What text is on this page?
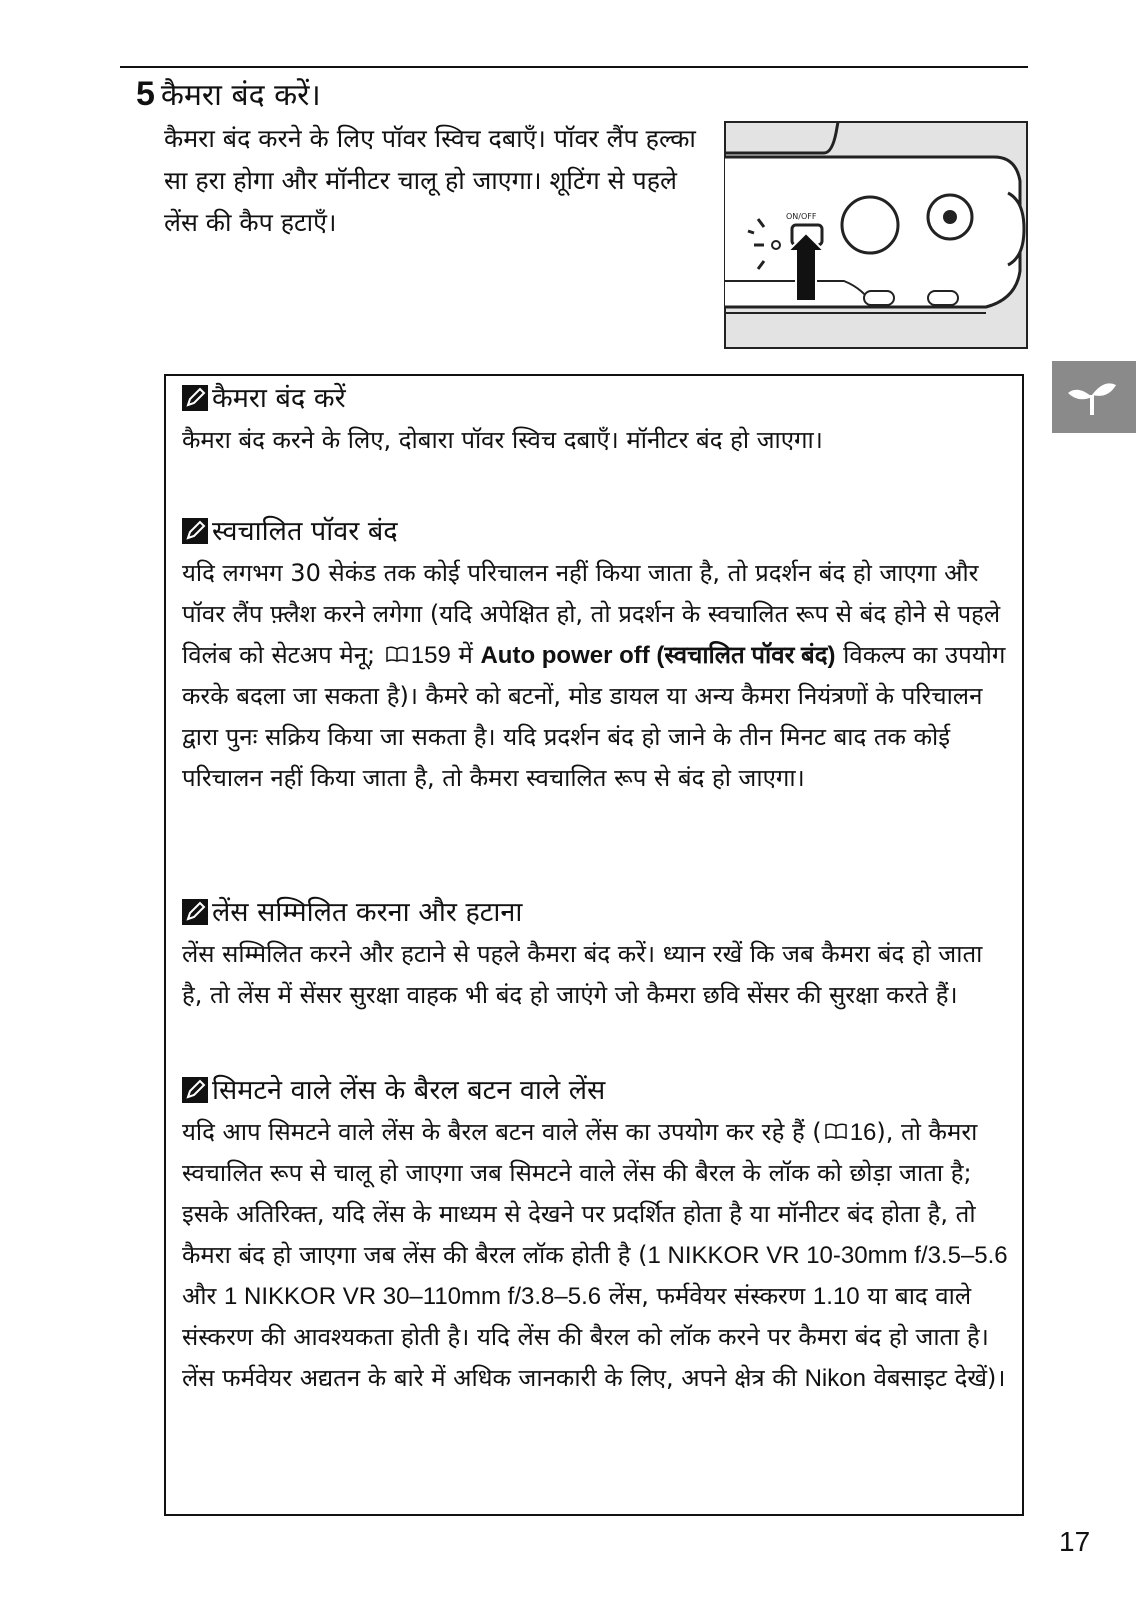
5 कैमरा बंद करें।

कैमरा बंद करने के लिए पॉवर स्विच दबाएँ। पॉवर लैंप हल्का सा हरा होगा और मॉनीटर चालू हो जाएगा। शूटिंग से पहले लेंस की कैप हटाएँ।	ON/OFF
कैमरा बंद करें

कैमरा बंद करने के लिए, दोबारा पॉवर स्विच दबाएँ। मॉनीटर बंद हो जाएगा।

स्वचालित पॉवर बंद

यदि लगभग 30 सेकंड तक कोई परिचालन नहीं किया जाता है, तो प्रदर्शन बंद हो जाएगा और पॉवर लैंप फ़्लैश करने लगेगा (यदि अपेक्षित हो, तो प्रदर्शन के स्वचालित रूप से बंद होने से पहले विलंब को सेटअप मेनू; 159 में Auto power off (स्वचालित पॉवर बंद) विकल्प का उपयोग करके बदला जा सकता है)। कैमरे को बटनों, मोड डायल या अन्य कैमरा नियंत्रणों के परिचालन द्वारा पुनः सक्रिय किया जा सकता है। यदि प्रदर्शन बंद हो जाने के तीन मिनट बाद तक कोई परिचालन नहीं किया जाता है, तो कैमरा स्वचालित रूप से बंद हो जाएगा।

लेंस सम्मिलित करना और हटाना

लेंस सम्मिलित करने और हटाने से पहले कैमरा बंद करें। ध्यान रखें कि जब कैमरा बंद हो जाता है, तो लेंस में सेंसर सुरक्षा वाहक भी बंद हो जाएंगे जो कैमरा छवि सेंसर की सुरक्षा करते हैं।

सिमटने वाले लेंस के बैरल बटन वाले लेंस

यदि आप सिमटने वाले लेंस के बैरल बटन वाले लेंस का उपयोग कर रहे हैं ( 16), तो कैमरा स्वचालित रूप से चालू हो जाएगा जब सिमटने वाले लेंस की बैरल के लॉक को छोड़ा जाता है; इसके अतिरिक्त, यदि लेंस के माध्यम से देखने पर प्रदर्शित होता है या मॉनीटर बंद होता है, तो कैमरा बंद हो जाएगा जब लेंस की बैरल लॉक होती है (1 NIKKOR VR 10-30mm f/3.5–5.6 और 1 NIKKOR VR 30–110mm f/3.8–5.6 लेंस, फर्मवेयर संस्करण 1.10 या बाद वाले संस्करण की आवश्यकता होती है। यदि लेंस की बैरल को लॉक करने पर कैमरा बंद हो जाता है। लेंस फर्मवेयर अद्यतन के बारे में अधिक जानकारी के लिए, अपने क्षेत्र की Nikon वेबसाइट देखें)।

17
